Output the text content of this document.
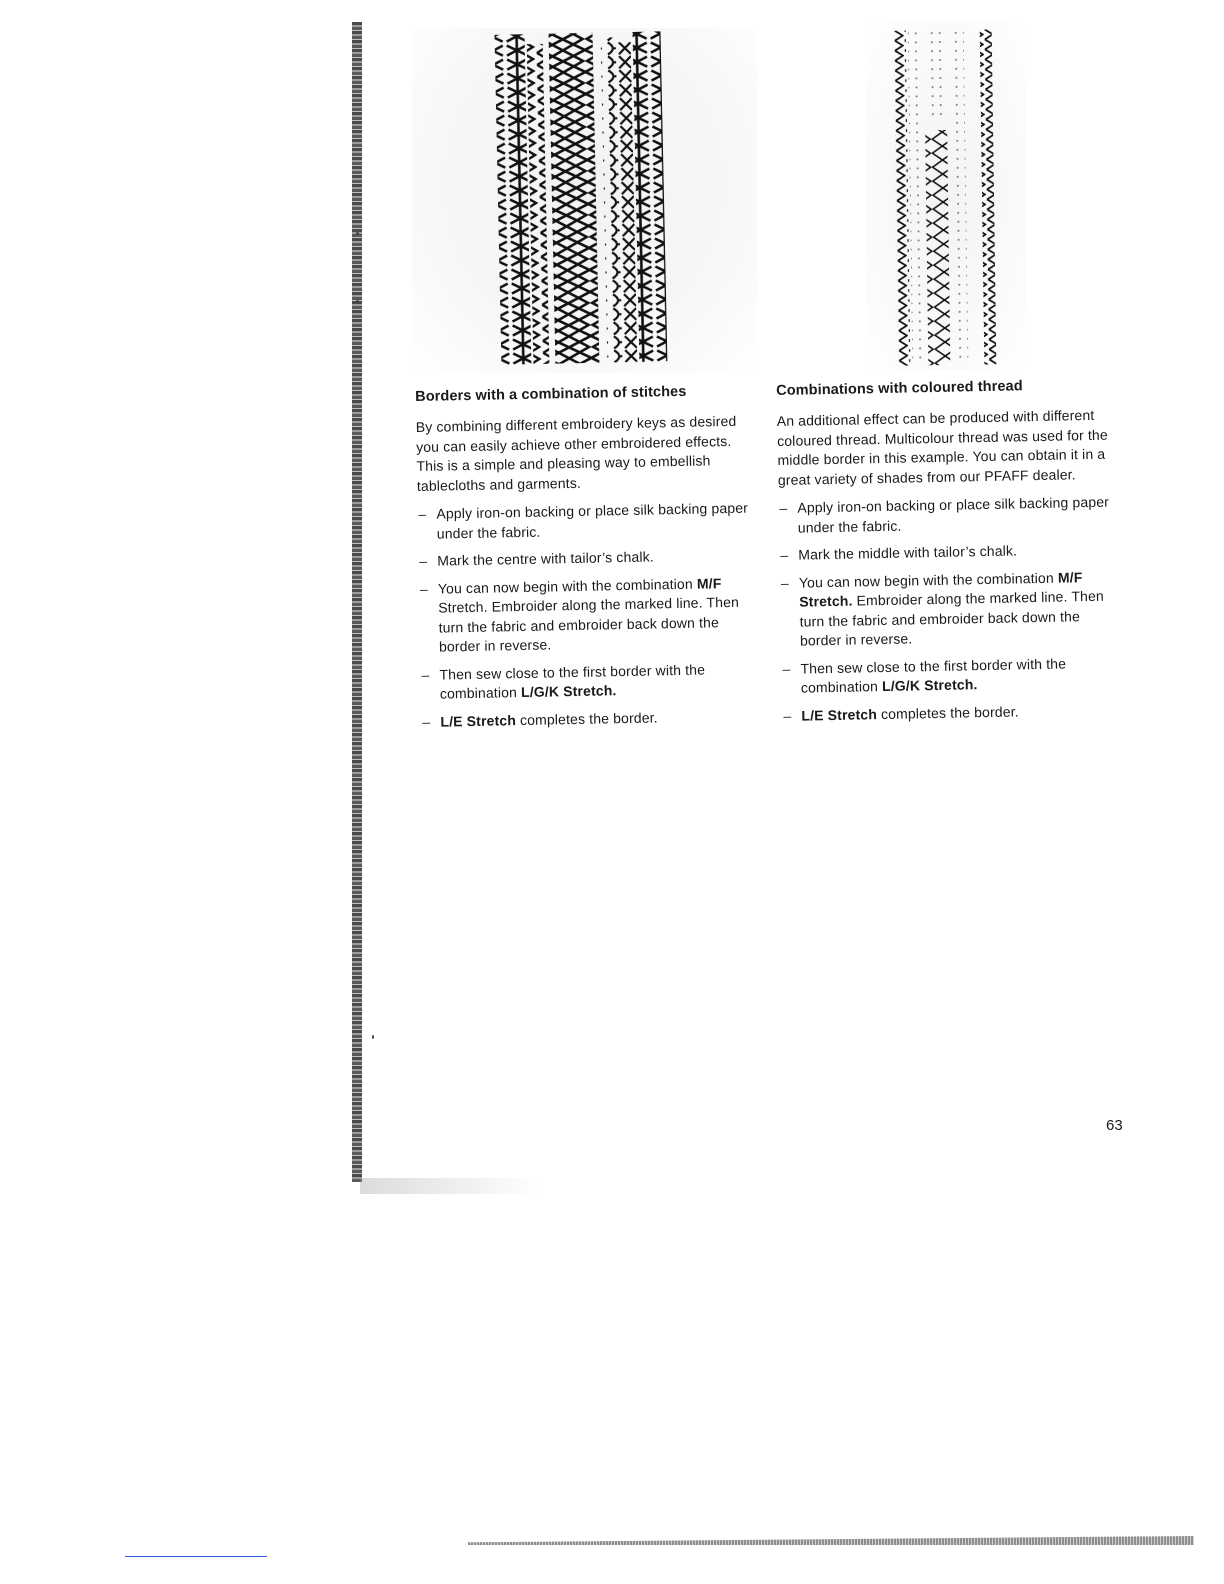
Borders with a combination of stitches

By combining different embroidery keys as desired you can easily achieve other embroidered effects. This is a simple and pleasing way to embellish tablecloths and garments.

– Apply iron-on backing or place silk backing paper under the fabric.
– Mark the centre with tailor’s chalk.
– You can now begin with the combination M/F Stretch. Embroider along the marked line. Then turn the fabric and embroider back down the border in reverse.
– Then sew close to the first border with the combination L/G/K Stretch.
– L/E Stretch completes the border.
Combinations with coloured thread

An additional effect can be produced with different coloured thread. Multicolour thread was used for the middle border in this example. You can obtain it in a great variety of shades from our PFAFF dealer.

– Apply iron-on backing or place silk backing paper under the fabric.
– Mark the middle with tailor’s chalk.
– You can now begin with the combination M/F Stretch. Embroider along the marked line. Then turn the fabric and embroider back down the border in reverse.
– Then sew close to the first border with the combination L/G/K Stretch.
– L/E Stretch completes the border.
63
